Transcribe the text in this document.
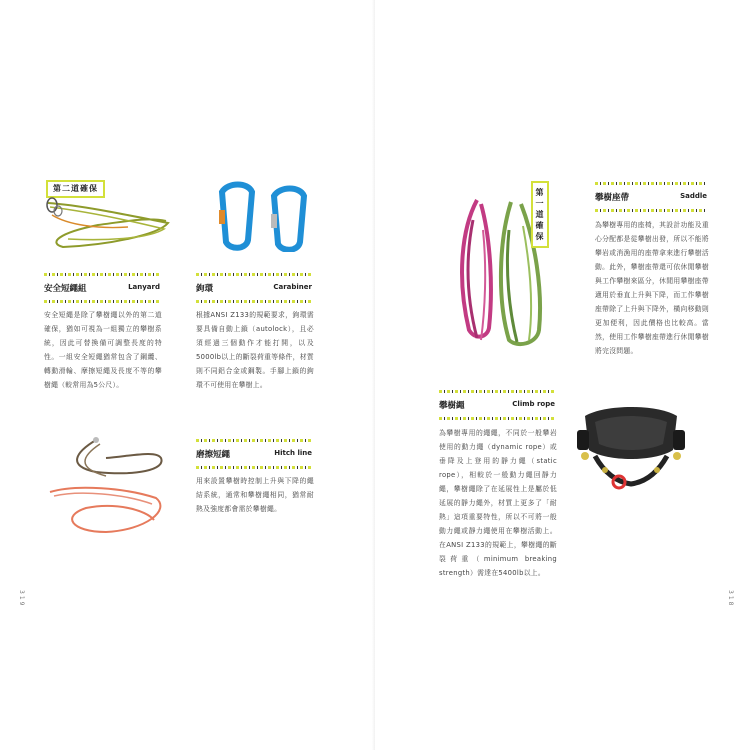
第二道確保
安全短繩組	Lanyard
安全短繩是除了攀樹繩以外的第二道確保，猶如可視為一組獨立的攀樹系統，因此可替換備可調整長度的特性。一組安全短繩猶常包含了鋼纜、轉動滑輪、摩擦短繩及長度不等的攀樹繩（較常用為5公尺）。
鉤環	Carabiner
根據ANSI Z133的規範要求，鉤環需要具備自動上鎖（autolock），且必須經過三個動作才能打開，以及5000lb以上的斷裂荷重等條件，材質則不同鋁合金或鋼製。手腳上鎖的鉤環不可使用在攀樹上。
磨擦短繩	Hitch line
用來設置攀樹時控制上升與下降的繩結系統，通常和攀樹繩相同，猶常耐熱及強度都會需於攀樹繩。
319
第一道確保
攀樹座帶	Saddle
為攀樹專用的座椅，其設計功能及重心分配都是從攀樹出發，所以不能將攀岩或消漁用的座帶拿來進行攀樹活動。此外，攀樹座帶還可依休閒攀樹與工作攀樹來區分，休閒用攀樹座帶適用於垂直上升與下降，而工作攀樹座帶除了上升與下降外，橫向移動則更加便利，因此價格也比較高。當然，使用工作攀樹座帶進行休閒攀樹將完沒問題。
攀樹繩	Climb rope
為攀樹專用的繩繩，不同於一般攀岩使用的動力繩（dynamic rope）或垂降及上登用的靜力繩（static rope），相較於一般動力繩回靜力繩，攀樹繩除了在延展性上是屬於低延展的靜力繩外，材質上更多了「耐熱」這項重要特性，所以不可將一般動力繩或靜力繩使用在攀樹活動上。在ANSI Z133的規範上，攀樹繩的斷裂荷重（minimum breaking strength）需達在5400lb以上。
318
